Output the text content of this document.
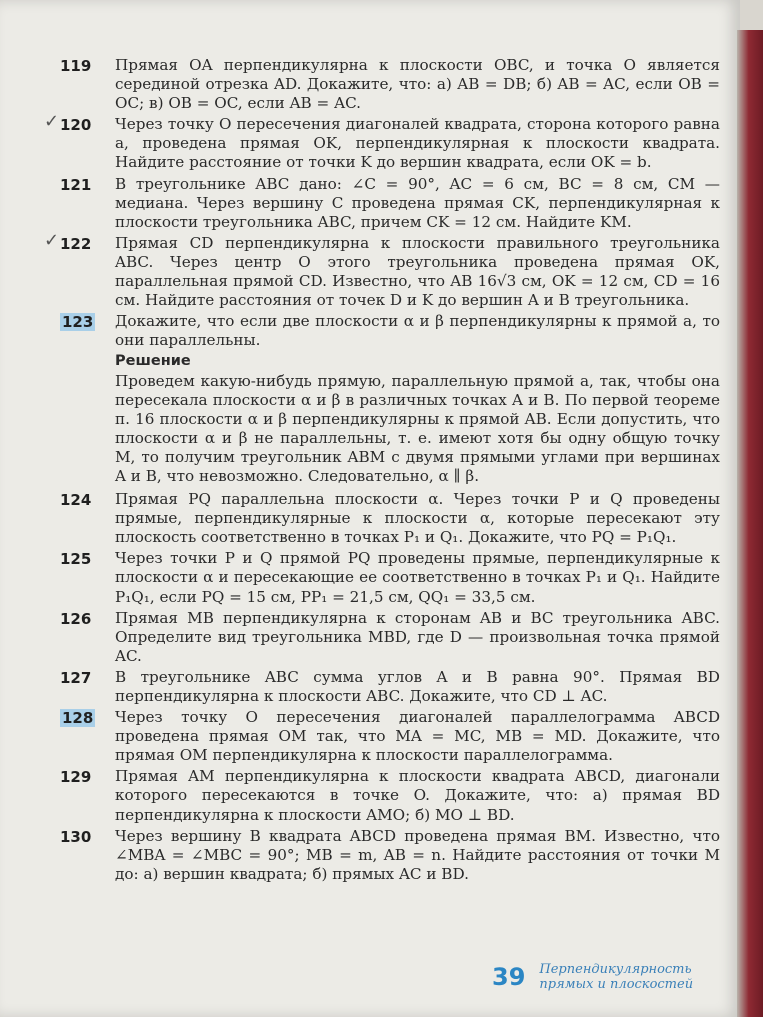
119	Прямая OA перпендикулярна к плоскости OBC, и точка O является серединой отрезка AD. Докажите, что: а) AB = DB; б) AB = AC, если OB = OC; в) OB = OC, если AB = AC.
✓ 120	Через точку O пересечения диагоналей квадрата, сторона которого равна a, проведена прямая OK, перпендикулярная к плоскости квадрата. Найдите расстояние от точки K до вершин квадрата, если OK = b.
121	В треугольнике ABC дано: ∠C = 90°, AC = 6 см, BC = 8 см, CM — медиана. Через вершину C проведена прямая CK, перпендикулярная к плоскости треугольника ABC, причем CK = 12 см. Найдите KM.
✓ 122	Прямая CD перпендикулярна к плоскости правильного треугольника ABC. Через центр O этого треугольника проведена прямая OK, параллельная прямой CD. Известно, что AB 16√3 см, OK = 12 см, CD = 16 см. Найдите расстояния от точек D и K до вершин A и B треугольника.
123	Докажите, что если две плоскости α и β перпендикулярны к прямой a, то они параллельны.
Решение
Проведем какую-нибудь прямую, параллельную прямой a, так, чтобы она пересекала плоскости α и β в различных точках A и B. По первой теореме п. 16 плоскости α и β перпендикулярны к прямой AB. Если допустить, что плоскости α и β не параллельны, т. е. имеют хотя бы одну общую точку M, то получим треугольник ABM с двумя прямыми углами при вершинах A и B, что невозможно. Следовательно, α ∥ β.
124	Прямая PQ параллельна плоскости α. Через точки P и Q проведены прямые, перпендикулярные к плоскости α, которые пересекают эту плоскость соответственно в точках P₁ и Q₁. Докажите, что PQ = P₁Q₁.
125	Через точки P и Q прямой PQ проведены прямые, перпендикулярные к плоскости α и пересекающие ее соответственно в точках P₁ и Q₁. Найдите P₁Q₁, если PQ = 15 см, PP₁ = 21,5 см, QQ₁ = 33,5 см.
126	Прямая MB перпендикулярна к сторонам AB и BC треугольника ABC. Определите вид треугольника MBD, где D — произвольная точка прямой AC.
127	В треугольнике ABC сумма углов A и B равна 90°. Прямая BD перпендикулярна к плоскости ABC. Докажите, что CD ⊥ AC.
128	Через точку O пересечения диагоналей параллелограмма ABCD проведена прямая OM так, что MA = MC, MB = MD. Докажите, что прямая OM перпендикулярна к плоскости параллелограмма.
129	Прямая AM перпендикулярна к плоскости квадрата ABCD, диагонали которого пересекаются в точке O. Докажите, что: а) прямая BD перпендикулярна к плоскости AMO; б) MO ⊥ BD.
130	Через вершину B квадрата ABCD проведена прямая BM. Известно, что ∠MBA = ∠MBC = 90°; MB = m, AB = n. Найдите расстояния от точки M до: а) вершин квадрата; б) прямых AC и BD.
39 Перпендикулярность
прямых и плоскостей
